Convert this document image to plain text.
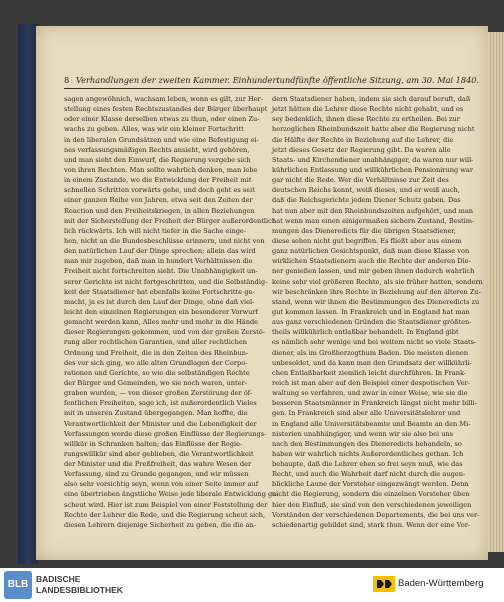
8 Verhandlungen der zweiten Kammer. Einhundertundfünfte öffentliche Sitzung, am 30. Mai 1840.
sagen angewöhnich, wachsam leben, wenn es gilt, zur Her-
stellung eines festen Rechtszustandes der Bürger überhaupt
oder einer Klasse derselben etwas zu thun, oder einen Zu-
wachs zu geben. Alles, was wir ein kleiner Fortschritt
in den liberalen Grundsätzen und wie eine Befestigung ei-
nes verfassungsmäßigen Rechts ansieht, wird gehören,
und man sieht den Einwurf, die Regierung vergebe sich
von ihren Rechten. Man sollte wahrlich denken, man lebe
in einem Zustande, wo die Entwicklung der Freiheit mit
schnellen Schritten vorwärts gehe, und doch geht es seit
einer ganzen Reihe von Jahren, etwa seit den Zeiten der
Reaction und den Freiheitskriegen, in allen Beziehungen
mit der Sicherstellung der Freiheit der Bürger außerordentlich
lich rückwärts. Ich will nicht tiefer in die Sache einge-
hen, nicht an die Bundesbeschlüsse erinnern, und nicht von
den natürlichen Lauf der Dinge sprechen; allein das wird
man mir zugeben, daß man in hundert Verhältnissen die
Freiheit nicht fortschreiten sieht. Die Unabhängigkeit un-
serer Gerichte ist nicht fortgeschritten, und die Selbständig-
keit der Staatsdiener hat ebenfalls keine Fortschritte ge-
macht, ja es ist durch den Lauf der Dinge, ohne daß viel-
leicht den einzelnen Regierungen ein besonderer Vorwurf
gemacht werden kann, Alles mehr und mehr in die Hände
dieser Regierungen gekommen, und von der großen Zerstö-
rung aller rechtlichen Garantien, und aller rechtlichen
Ordnung und Freiheit, die in den Zeiten des Rheinbun-
des vor sich ging, wo alle alten Grundlagen der Corpo-
rationen und Gerichte, so wie die selbständigen Rechte
der Bürger und Gemeinden, wo sie noch waren, unter-
graben wurden, — von dieser großen Zerstörung der öf-
fentlichen Freiheiten, sage ich, ist außerordentlich Vieles
mit in unseren Zustand übergegangen. Man hoffte, die
Verantwortlichkeit der Minister und die Lebendigkeit der
Verfassungen werde diese großen Einflüsse der Regierungs-
willkür in Schranken halten; das Einflüsse der Regie-
rungswillkür sind aber geblieben, die Verantwortlichkeit
der Minister und die Preßfreiheit, das wahre Wesen der
Verfassung, sind zu Grunde gegangen, und wir müssen
also sehr vorsichtig seyn, wenn von einer Seite immer auf
eine übertrieben ängstliche Weise jede liberale Entwicklung ge-
scheut wird. Hier ist zum Beispiel von einer Feststellung der
Rechte der Lehrer die Rede, und die Regierung scheut sich,
diesen Lehrern diejenige Sicherheit zu geben, die die an-
dern Staatsdiener haben, indem sie sich darauf beruft, daß
jetzt hätten die Lehrer diese Rechte nicht gehabt, und es
sey bedenklich, ihnen diese Rechte zu ertheilen. Bei zur
herzoglichen Rheinbundszeit hatte aber die Regierung nicht
die Hälfte der Rechte in Beziehung auf die Lehrer, die
jetzt dieses Gesetz der Regierung gibt. Da waren alle
Staats- und Kirchendiener unabhängiger, da waren nur will-
kührlichen Entlassung und willkührlichen Pensionirung war
gar nicht die Rede. Wer die Verhältnisse zur Zeit des
deutschen Reichs kennt, weiß dieses, und er weiß auch,
daß die Reichsgerichte jedem Diener Schutz gaben. Das
hat nun aber mit den Rheinbundszeiten aufgehört, und man
hat wenn man einen einigermaßen sichern Zustand, Bestim-
mungen des Dieneredicts für die übrigen Staatsdiener,
diese sehen nicht gut begriffen. Es fließt aber aus einem
ganz natürlichen Gesichtspunkt, daß man diese Klasse von
wirklichen Staatsdienern auch die Rechte der anderen Die-
ner genießen lassen, und mir geben ihnen dadurch wahrlich
keine sehr viel größeren Rechte, als sie früher hatten, sondern
wir beschränken ihre Rechte in Beziehung auf den älteren Zu-
stand, wenn wir ihnen die Bestimmungen des Dieneredicts zu
gut kommen lassen. In Frankreich und in England hat man
aus ganz verschiedenen Gründen die Staatsdiener größten-
theils willkührlich entlaßbar behandelt. In England gibt
es nämlich sehr wenige und bei weitem nicht so viele Staats-
diener, als im Großherzogthum Baden. Die meisten dienen
unbesoldet, und da kann man den Grundsatz der willkührli-
chen Entlaßbarkeit ziemlich leicht durchführen. In Frank-
reich ist man aber auf den Beispiel einer despotischen Ver-
waltung so verfahren, und zwar in einer Weise, wie sie die
besseren Staatsmänner in Frankreich längst nicht mehr billi-
gen. In Frankreich sind aber alle Universitätslehrer und
in England alle Universitätsbeamte und Beamte an den Mi-
nisterien unabhängiger, und wenn wir sie also bei uns
nach den Bestimmungen des Dieneredicts behandeln, so
haben wir wahrlich nichts Außerordentliches gethan. Ich
behaupte, daß die Lehrer eben so frei seyn muß, wie das
Recht, und auch die Wahrheit darf nicht durch die augen-
blickliche Laune der Vorsteher eingezwängt werden. Denn
nicht die Regierung, sondern die einzelnen Vorsteher üben
hier den Einfluß, sie sind von den verschiedenen jeweiligen
Vorständen der verschiedenen Departements, die bei uns ver-
schiedenartig gebildet sind, stark thun. Wenn der eine Vor-
BLB BADISCHE
LANDESBIBLIOTHEK
Baden-Württemberg
